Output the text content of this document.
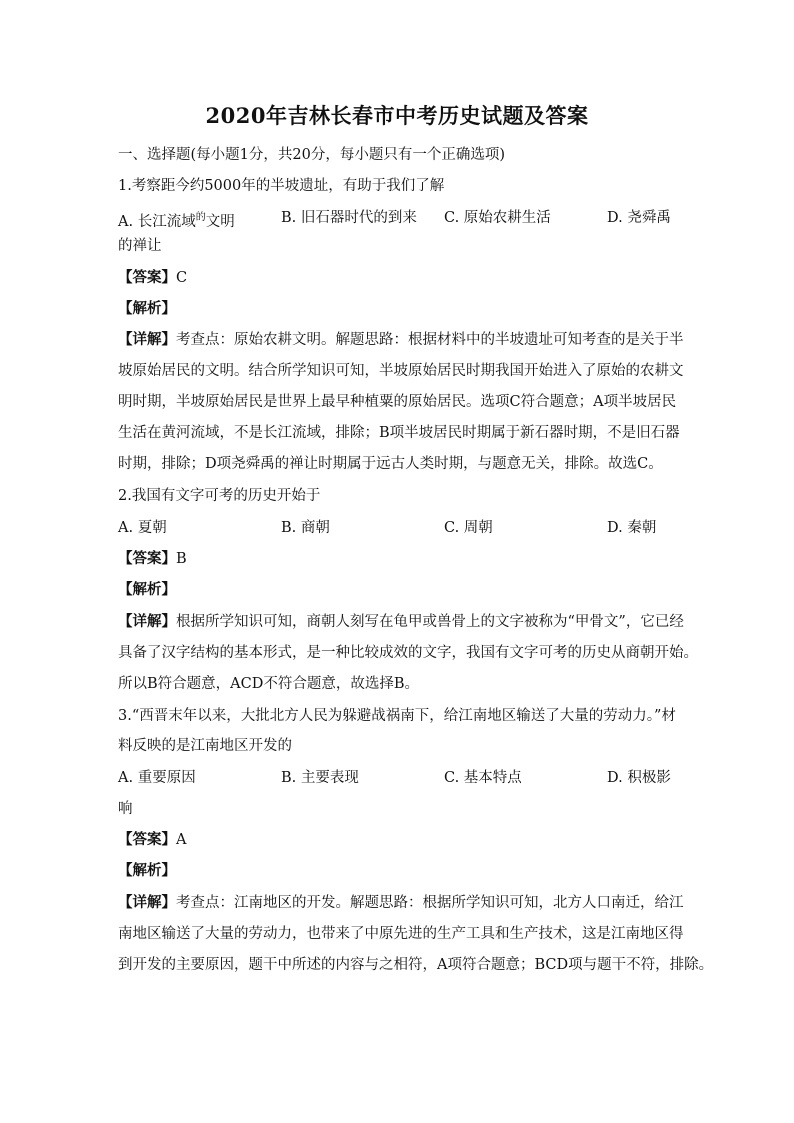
2020年吉林长春市中考历史试题及答案
一、选择题(每小题1分，共20分，每小题只有一个正确选项)
1.考察距今约5000年的半坡遗址，有助于我们了解
A. 长江流域$^的$文明	B. 旧石器时代的到来 C. 原始农耕生活	D. 尧舜禹
的禅让
【答案】C
【解析】
【详解】考查点：原始农耕文明。解题思路：根据材料中的半坡遗址可知考查的是关于半
坡原始居民的文明。结合所学知识可知，半坡原始居民时期我国开始进入了原始的农耕文
明时期，半坡原始居民是世界上最早种植粟的原始居民。选项C符合题意；A项半坡居民
生活在黄河流域，不是长江流域，排除；B项半坡居民时期属于新石器时期，不是旧石器
时期，排除；D项尧舜禹的禅让时期属于远古人类时期，与题意无关，排除。故选C。
2.我国有文字可考的历史开始于
A. 夏朝	B. 商朝	C. 周朝	D. 秦朝
【答案】B
【解析】
【详解】根据所学知识可知，商朝人刻写在龟甲或兽骨上的文字被称为“甲骨文”，它已经
具备了汉字结构的基本形式，是一种比较成效的文字，我国有文字可考的历史从商朝开始。
所以B符合题意，ACD不符合题意，故选择B。
3.“西晋末年以来，大批北方人民为躲避战祸南下，给江南地区输送了大量的劳动力。”材
料反映的是江南地区开发的
A. 重要原因	B. 主要表现	C. 基本特点	D. 积极影
响
【答案】A
【解析】
【详解】考查点：江南地区的开发。解题思路：根据所学知识可知，北方人口南迁，给江
南地区输送了大量的劳动力，也带来了中原先进的生产工具和生产技术，这是江南地区得
到开发的主要原因，题干中所述的内容与之相符，A项符合题意；BCD项与题干不符，排除。
